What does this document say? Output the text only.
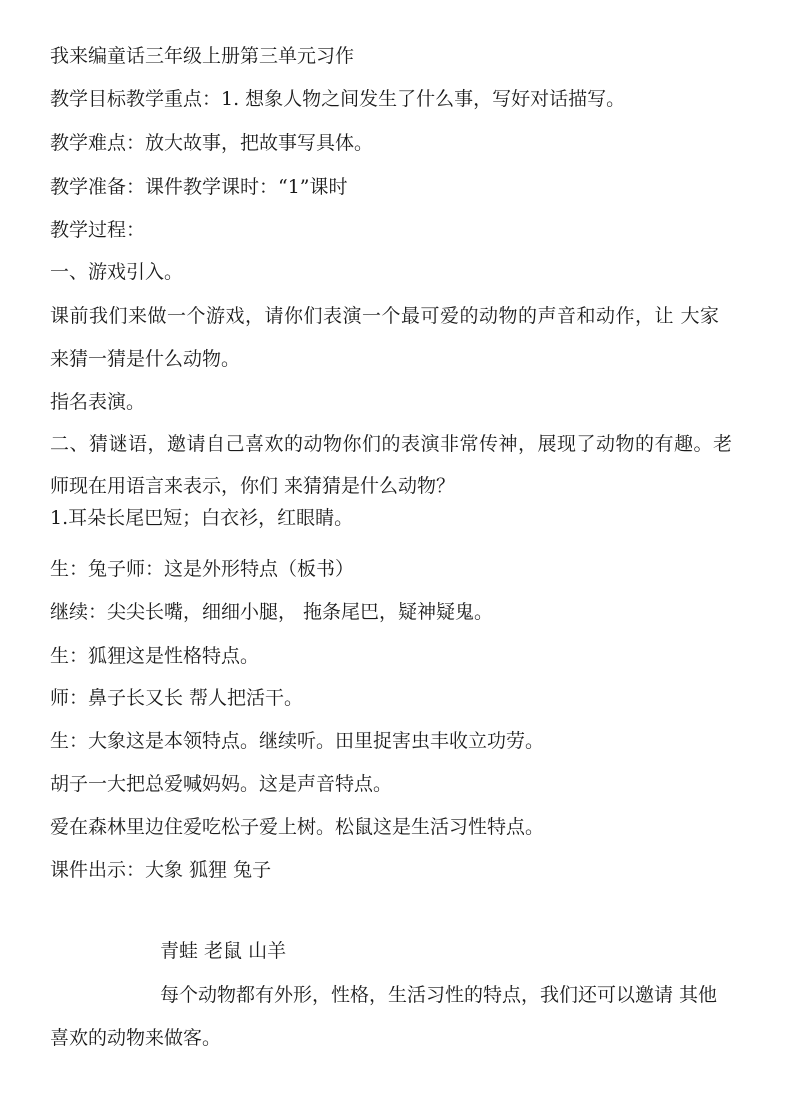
我来编童话三年级上册第三单元习作
教学目标教学重点：1. 想象人物之间发生了什么事，写好对话描写。
教学难点：放大故事，把故事写具体。
教学准备：课件教学课时：“1”课时
教学过程：
一、游戏引入。
课前我们来做一个游戏，请你们表演一个最可爱的动物的声音和动作，让 大家
来猜一猜是什么动物。
指名表演。
二、猜谜语，邀请自己喜欢的动物你们的表演非常传神，展现了动物的有趣。老
师现在用语言来表示，你们 来猜猜是什么动物？
1.耳朵长尾巴短；白衣衫，红眼睛。
生：兔子师：这是外形特点（板书）
继续：尖尖长嘴，细细小腿， 拖条尾巴，疑神疑鬼。
生：狐狸这是性格特点。
师：鼻子长又长 帮人把活干。
生：大象这是本领特点。继续听。田里捉害虫丰收立功劳。
胡子一大把总爱喊妈妈。这是声音特点。
爱在森林里边住爱吃松子爱上树。松鼠这是生活习性特点。
课件出示：大象 狐狸 兔子
青蛙 老鼠 山羊
每个动物都有外形，性格，生活习性的特点，我们还可以邀请 其他
喜欢的动物来做客。
